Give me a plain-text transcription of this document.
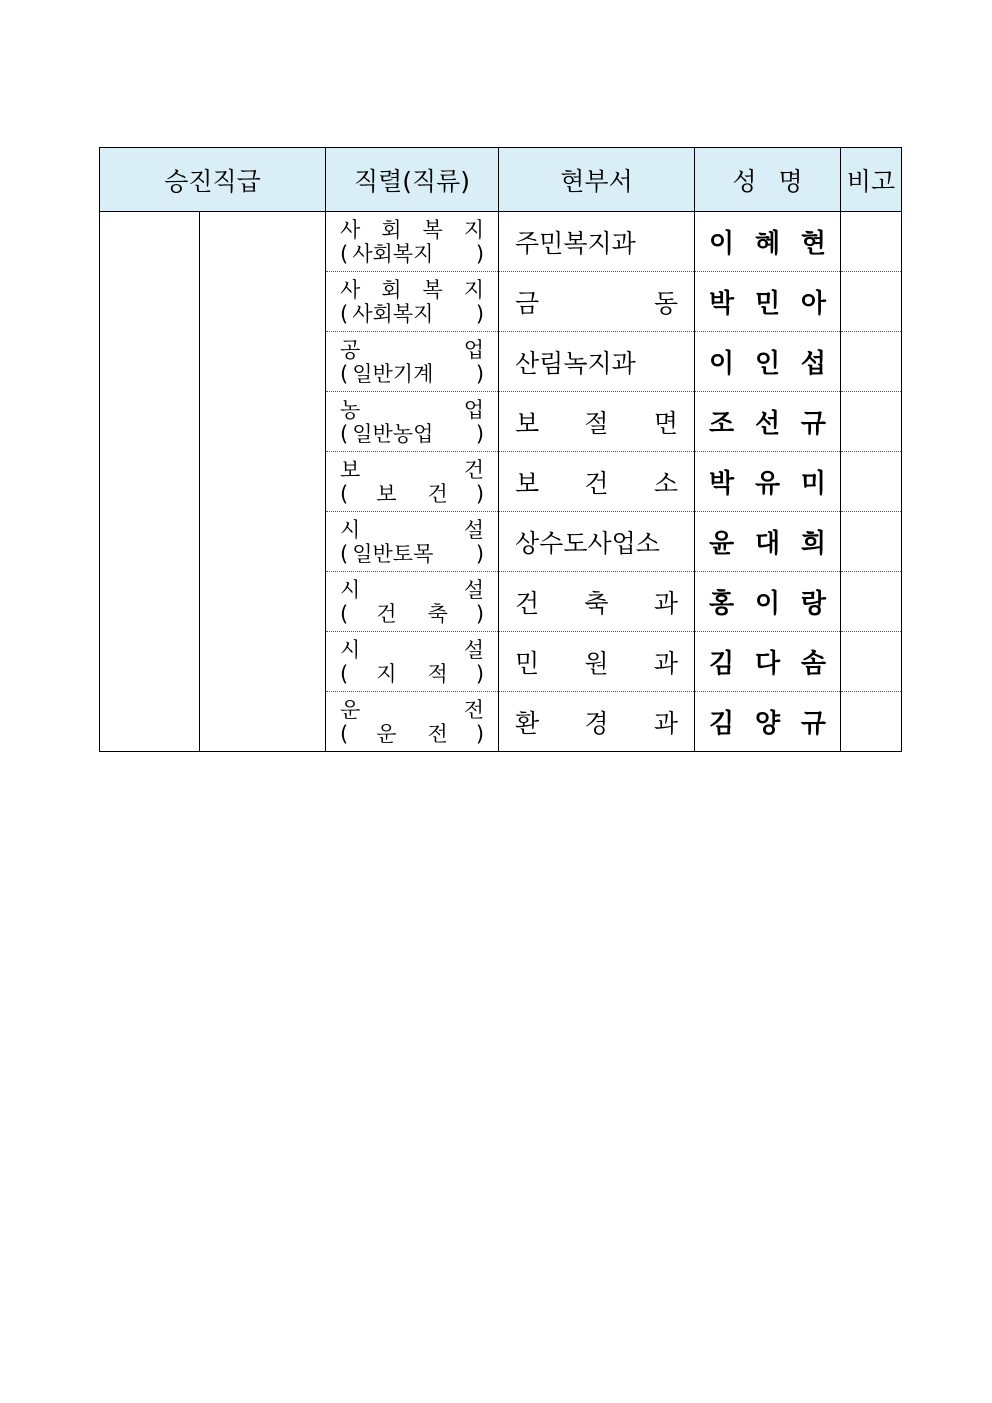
승진직급		직렬(직류)	현부서	성 명	비고

		사 회 복 지
( 사회복지 )	주민복지과	이 혜 현	

		사 회 복 지
( 사회복지 )	금 동	박 민 아	

		공 업
( 일반기계 )	산림녹지과	이 인 섭	

		농 업
( 일반농업 )	보 절 면	조 선 규	

		보 건
( 보 건 )	보 건 소	박 유 미	

		시 설
( 일반토목 )	상수도사업소	윤 대 희	

		시 설
( 건 축 )	건 축 과	홍 이 랑	

		시 설
( 지 적 )	민 원 과	김 다 솜	

		운 전
( 운 전 )	환 경 과	김 양 규	
